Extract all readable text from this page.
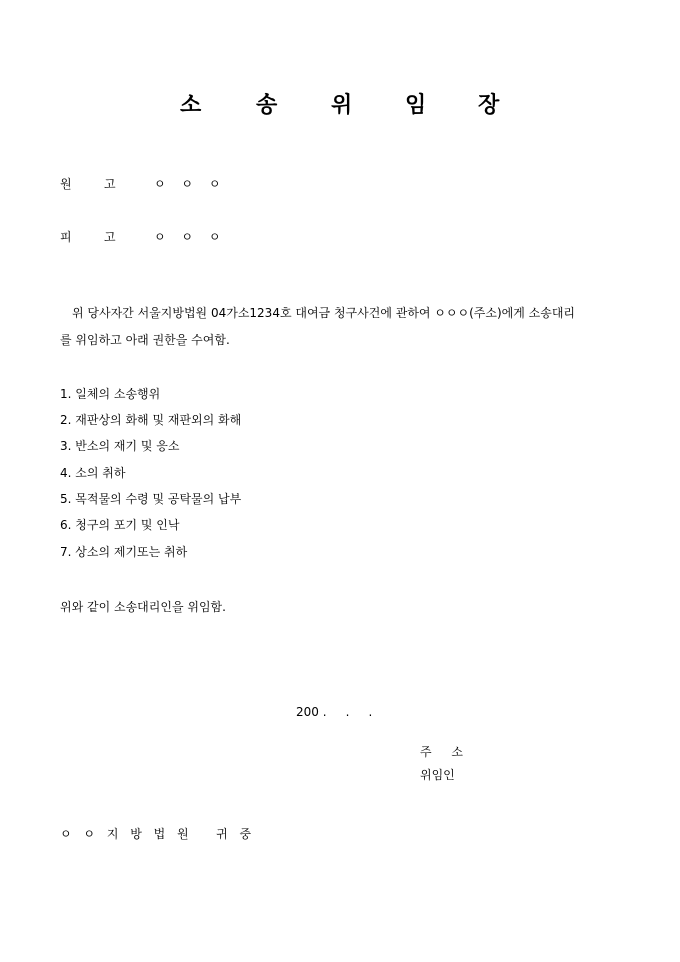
소 송 위 임 장
원	고	ㅇ ㅇ ㅇ
피	고	ㅇ ㅇ ㅇ
위 당사자간 서울지방법원 04가소1234호 대여금 청구사건에 관하여 ㅇㅇㅇ(주소)에게 소송대리
를 위임하고 아래 권한을 수여함.
1. 일체의 소송행위
2. 재판상의 화해 및 재판외의 화해
3. 반소의 재기 및 응소
4. 소의 취하
5. 목적물의 수령 및 공탁물의 납부
6. 청구의 포기 및 인낙
7. 상소의 제기또는 취하
위와 같이 소송대리인을 위임함.
200 .     .     .
주 소
위임인
ㅇ ㅇ 지 방 법 원   귀 중
